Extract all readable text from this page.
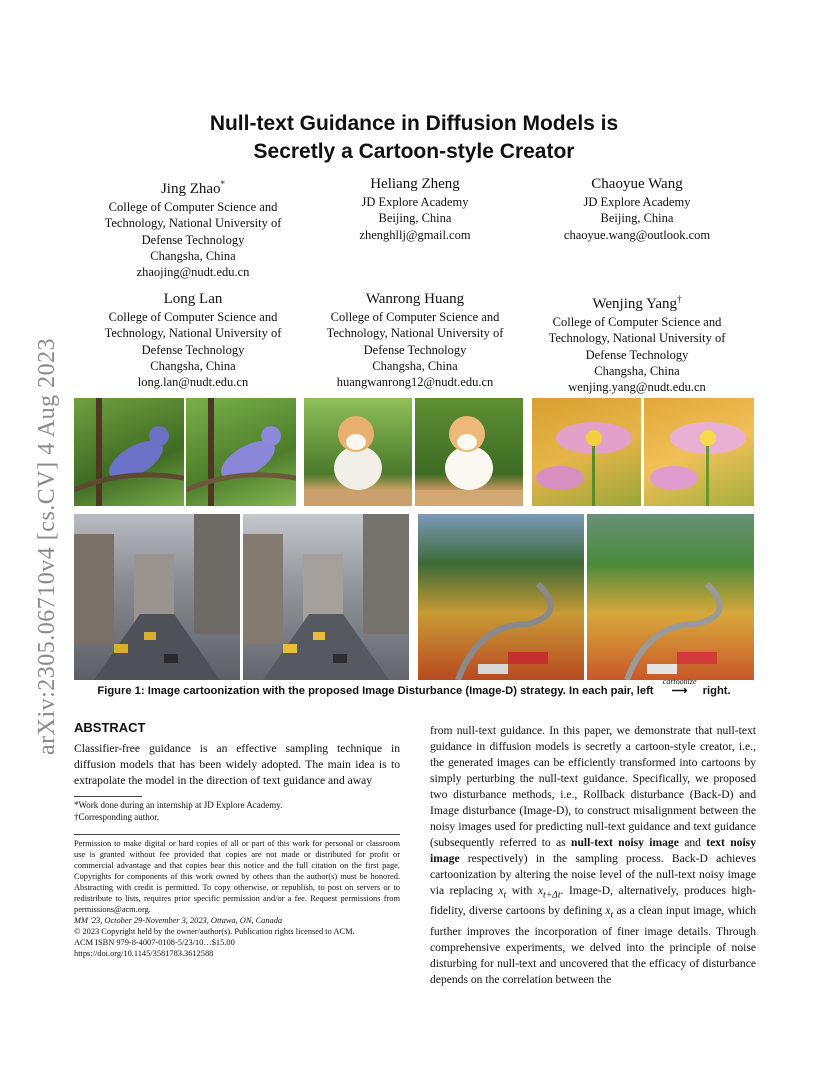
arXiv:2305.06710v4 [cs.CV] 4 Aug 2023
Null-text Guidance in Diffusion Models is
Secretly a Cartoon-style Creator
Jing Zhao*
College of Computer Science and
Technology, National University of
Defense Technology
Changsha, China
zhaojing@nudt.edu.cn
Heliang Zheng
JD Explore Academy
Beijing, China
zhenghllj@gmail.com
Chaoyue Wang
JD Explore Academy
Beijing, China
chaoyue.wang@outlook.com
Long Lan
College of Computer Science and
Technology, National University of
Defense Technology
Changsha, China
long.lan@nudt.edu.cn
Wanrong Huang
College of Computer Science and
Technology, National University of
Defense Technology
Changsha, China
huangwanrong12@nudt.edu.cn
Wenjing Yang†
College of Computer Science and
Technology, National University of
Defense Technology
Changsha, China
wenjing.yang@nudt.edu.cn
Figure 1: Image cartoonization with the proposed Image Disturbance (Image-D) strategy. In each pair, left
cartoonize
⟶ right.
ABSTRACT
Classifier-free guidance is an effective sampling technique in diffusion models that has been widely adopted. The main idea is to extrapolate the model in the direction of text guidance and away
*Work done during an internship at JD Explore Academy.
†Corresponding author.
Permission to make digital or hard copies of all or part of this work for personal or classroom use is granted without fee provided that copies are not made or distributed for profit or commercial advantage and that copies bear this notice and the full citation on the first page. Copyrights for components of this work owned by others than the author(s) must be honored. Abstracting with credit is permitted. To copy otherwise, or republish, to post on servers or to redistribute to lists, requires prior specific permission and/or a fee. Request permissions from permissions@acm.org.
MM '23, October 29-November 3, 2023, Ottawa, ON, Canada
© 2023 Copyright held by the owner/author(s). Publication rights licensed to ACM.
ACM ISBN 979-8-4007-0108-5/23/10…$15.00
https://doi.org/10.1145/3581783.3612588
from null-text guidance. In this paper, we demonstrate that null-text guidance in diffusion models is secretly a cartoon-style creator, i.e., the generated images can be efficiently transformed into cartoons by simply perturbing the null-text guidance. Specifically, we proposed two disturbance methods, i.e., Rollback disturbance (Back-D) and Image disturbance (Image-D), to construct misalignment between the noisy images used for predicting null-text guidance and text guidance (subsequently referred to as null-text noisy image and text noisy image respectively) in the sampling process. Back-D achieves cartoonization by altering the noise level of the null-text noisy image via replacing $x_t$ with $x_{t+\Delta t}$. Image-D, alternatively, produces high-fidelity, diverse cartoons by defining $x_t$ as a clean input image, which further improves the incorporation of finer image details. Through comprehensive experiments, we delved into the principle of noise disturbing for null-text and uncovered that the efficacy of disturbance depends on the correlation between the
